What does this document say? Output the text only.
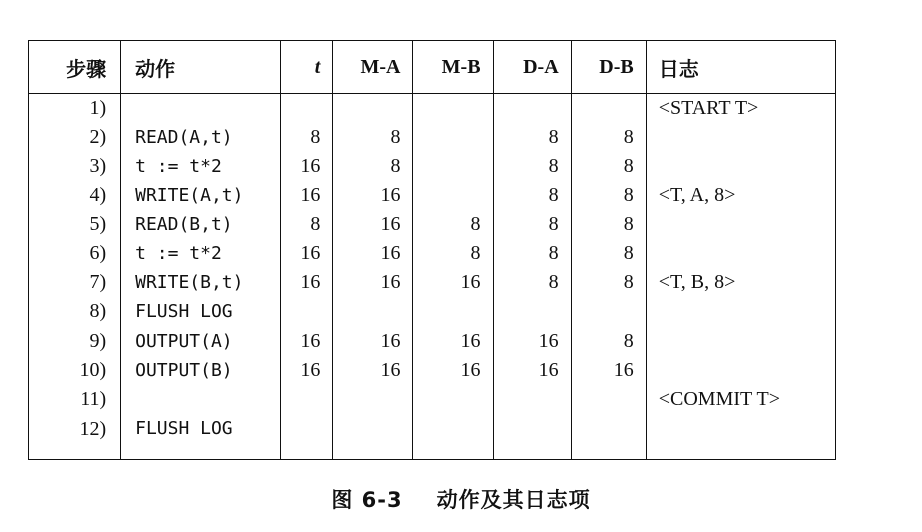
步骤	动作	t	M-A	M-B	D-A	D-B	日志
1)							<START T>
2)	READ(A,t)	8	8		8	8	
3)	t := t*2	16	8		8	8	
4)	WRITE(A,t)	16	16		8	8	<T, A, 8>
5)	READ(B,t)	8	16	8	8	8	
6)	t := t*2	16	16	8	8	8	
7)	WRITE(B,t)	16	16	16	8	8	<T, B, 8>
8)	FLUSH LOG						
9)	OUTPUT(A)	16	16	16	16	8	
10)	OUTPUT(B)	16	16	16	16	16	
11)							<COMMIT T>
12)	FLUSH LOG						
图 6-3 动作及其日志项
